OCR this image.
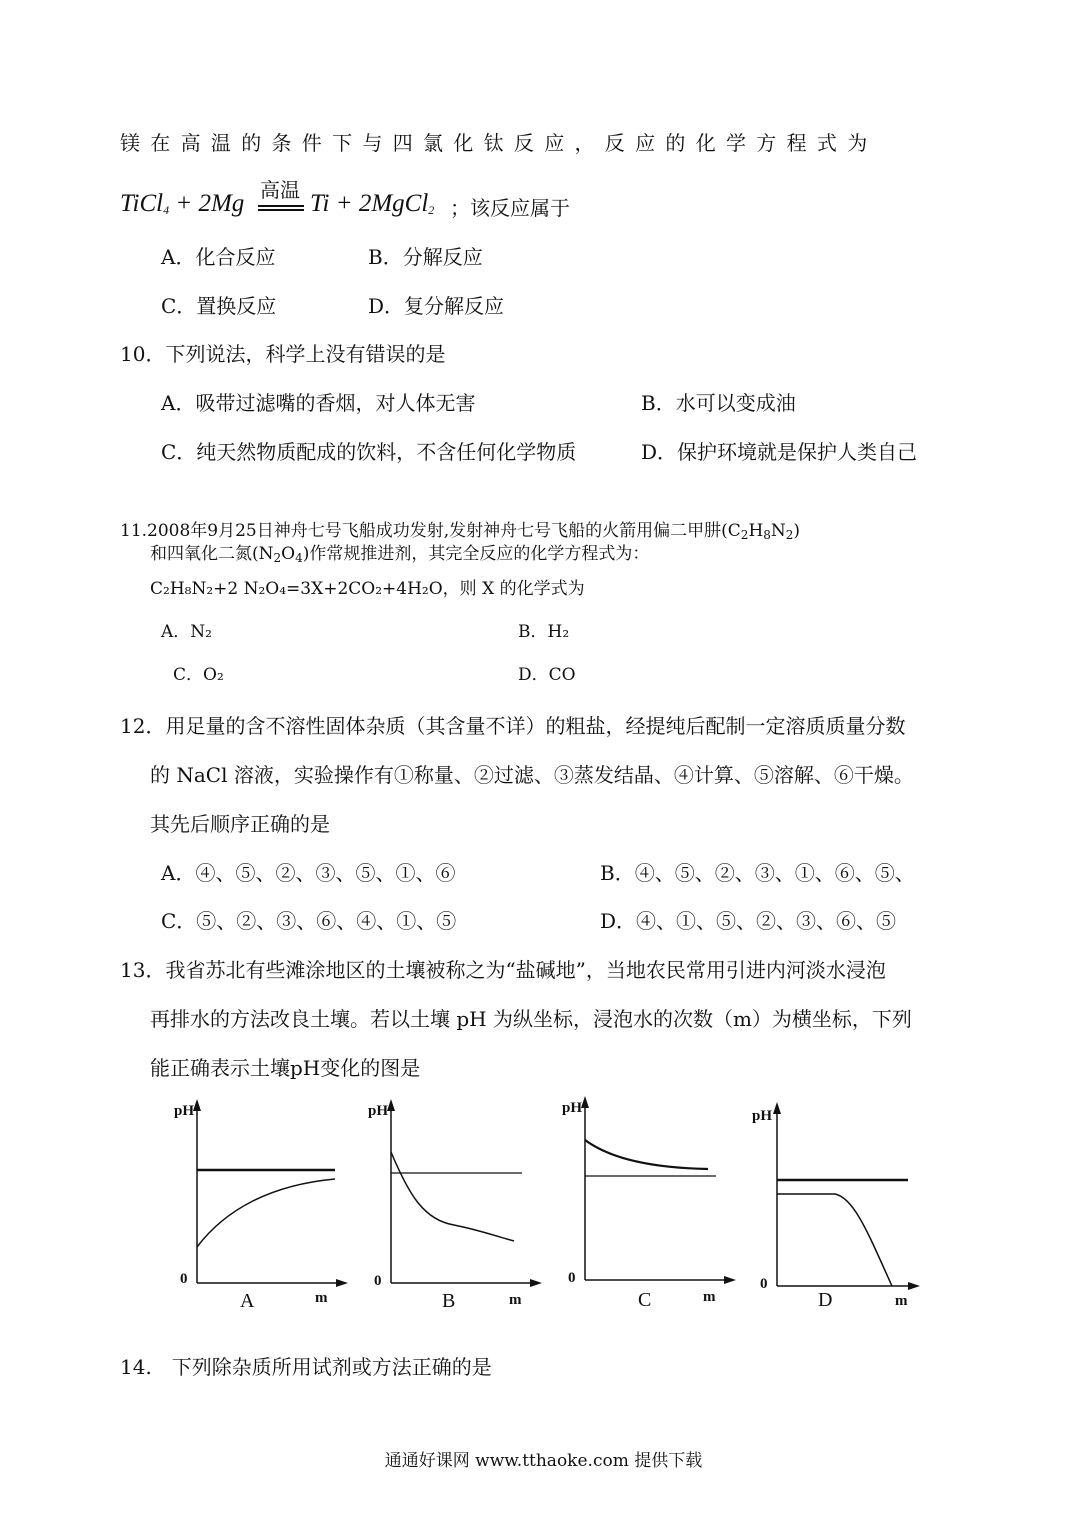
镁在高温的条件下与四氯化钛反应，反应的化学方程式为
TiCl$_4$ + 2Mg 高温 Ti + 2MgCl$_2$ ；该反应属于
A．化合反应	B．分解反应
C．置换反应	D．复分解反应
10．下列说法，科学上没有错误的是
A．吸带过滤嘴的香烟，对人体无害	B．水可以变成油
C．纯天然物质配成的饮料，不含任何化学物质	D．保护环境就是保护人类自己
11.2008年9月25日神舟七号飞船成功发射,发射神舟七号飞船的火箭用偏二甲肼$(C_2H_8N_2)$
和四氧化二氮$(N_2O_4)$作常规推进剂，其完全反应的化学方程式为：
C₂H₈N₂+2 N₂O₄=3X+2CO₂+4H₂O，则 X 的化学式为
A．N₂	B．H₂
C．O₂	D．CO
12．用足量的含不溶性固体杂质（其含量不详）的粗盐，经提纯后配制一定溶质质量分数
的 NaCl 溶液，实验操作有①称量、②过滤、③蒸发结晶、④计算、⑤溶解、⑥干燥。
其先后顺序正确的是
A．④、⑤、②、③、⑤、①、⑥	B．④、⑤、②、③、①、⑥、⑤、
C．⑤、②、③、⑥、④、①、⑤	D．④、①、⑤、②、③、⑥、⑤
13．我省苏北有些滩涂地区的土壤被称之为“盐碱地”，当地农民常用引进内河淡水浸泡
再排水的方法改良土壤。若以土壤 pH 为纵坐标，浸泡水的次数（m）为横坐标，下列
能正确表示土壤pH变化的图是
pH
0
m
A
pH
0
m
B
pH
0
m
C
pH
0
m
D
14.　下列除杂质所用试剂或方法正确的是
通通好课网 www.tthaoke.com 提供下载
